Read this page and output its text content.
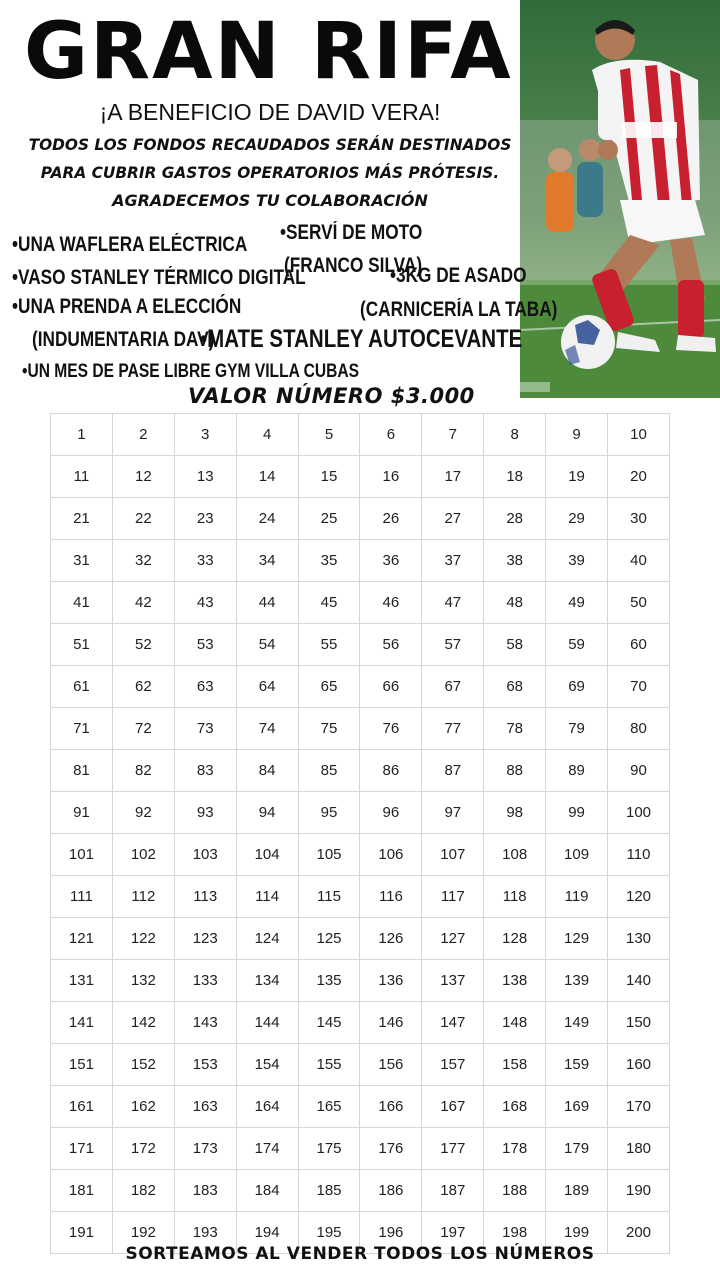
GRAN RIFA
¡A BENEFICIO DE DAVID VERA!
TODOS LOS FONDOS RECAUDADOS SERÁN DESTINADOS
PARA CUBRIR GASTOS OPERATORIOS MÁS PRÓTESIS.
AGRADECEMOS TU COLABORACIÓN
•UNA WAFLERA ELÉCTRICA
•VASO STANLEY TÉRMICO DIGITAL
•UNA PRENDA A ELECCIÓN
(INDUMENTARIA DAV)
•MATE STANLEY AUTOCEVANTE
•UN MES DE PASE LIBRE GYM VILLA CUBAS
•SERVÍ DE MOTO
(FRANCO SILVA)
•3KG DE ASADO
(CARNICERÍA LA TABA)
VALOR NÚMERO $3.000
1	2	3	4	5	6	7	8	9	10
11	12	13	14	15	16	17	18	19	20
21	22	23	24	25	26	27	28	29	30
31	32	33	34	35	36	37	38	39	40
41	42	43	44	45	46	47	48	49	50
51	52	53	54	55	56	57	58	59	60
61	62	63	64	65	66	67	68	69	70
71	72	73	74	75	76	77	78	79	80
81	82	83	84	85	86	87	88	89	90
91	92	93	94	95	96	97	98	99	100
101	102	103	104	105	106	107	108	109	110
111	112	113	114	115	116	117	118	119	120
121	122	123	124	125	126	127	128	129	130
131	132	133	134	135	136	137	138	139	140
141	142	143	144	145	146	147	148	149	150
151	152	153	154	155	156	157	158	159	160
161	162	163	164	165	166	167	168	169	170
171	172	173	174	175	176	177	178	179	180
181	182	183	184	185	186	187	188	189	190
191	192	193	194	195	196	197	198	199	200
SORTEAMOS AL VENDER TODOS LOS NÚMEROS
